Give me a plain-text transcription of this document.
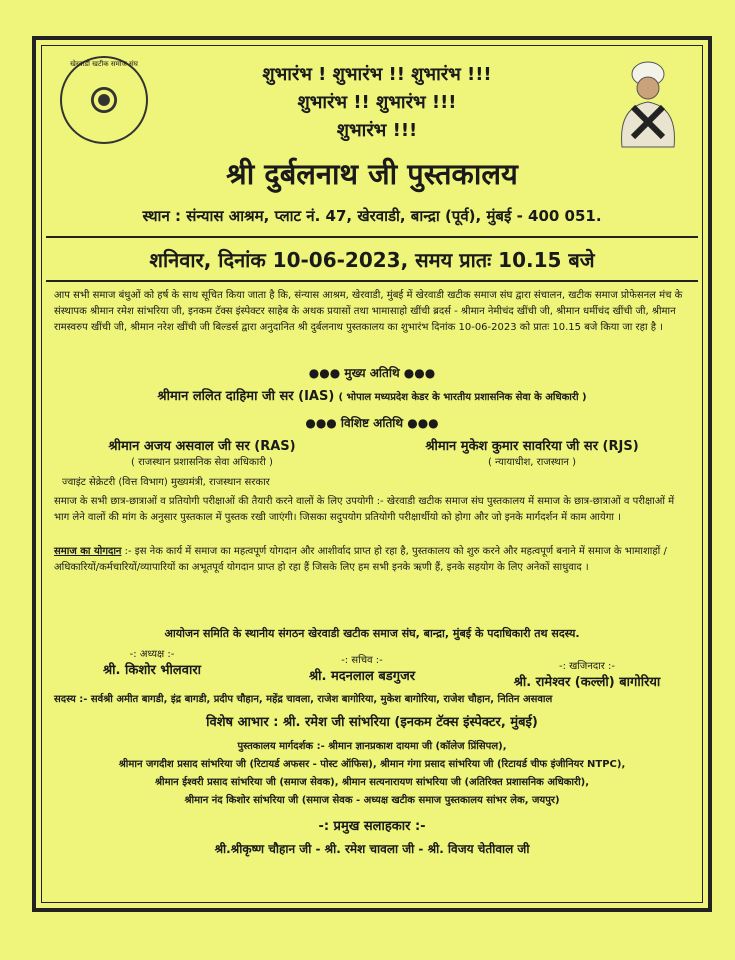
खेरवाडी खटीक समाज संघ	शुभारंभ ! शुभारंभ !! शुभारंभ !!!
शुभारंभ !! शुभारंभ !!!
शुभारंभ !!!
श्री दुर्बलनाथ जी पुस्तकालय
स्थान : संन्यास आश्रम, प्लाट नं. 47, खेरवाडी, बान्द्रा (पूर्व), मुंबई - 400 051.
शनिवार, दिनांक 10-06-2023, समय प्रातः 10.15 बजे
आप सभी समाज बंधुओं को हर्ष के साथ सूचित किया जाता है कि, संन्यास आश्रम, खेरवाडी, मुंबई में खेरवाडी खटीक समाज संघ द्वारा संचालन, खटीक समाज प्रोफेसनल मंच के संस्थापक श्रीमान रमेश सांभरिया जी, इनकम टॅक्स इंस्पेक्टर साहेब के अथक प्रयासों तथा भामासाहो खींची ब्रदर्स - श्रीमान नेमीचंद खींची जी, श्रीमान धर्मीचंद खींची जी, श्रीमान रामस्वरुप खींची जी, श्रीमान नरेश खींची जी बिल्डर्स द्वारा अनुदानित श्री दुर्बलनाथ पुस्तकालय का शुभारंभ दिनांक 10-06-2023 को प्रातः 10.15 बजे किया जा रहा है ।
●●● मुख्य अतिथि ●●●
श्रीमान ललित दाहिमा जी सर (IAS) ( भोपाल मध्यप्रदेश केडर के भारतीय प्रशासनिक सेवा के अधिकारी )
●●● विशिष्ट अतिथि ●●●
श्रीमान अजय असवाल जी सर (RAS)
( राजस्थान प्रशासनिक सेवा अधिकारी )
ज्वाइंट सेक्रेटरी (वित्त विभाग) मुख्यमंत्री, राजस्थान सरकार
श्रीमान मुकेश कुमार सावरिया जी सर (RJS)
( न्यायाधीश, राजस्थान )
समाज के सभी छात्र-छात्राओं व प्रतियोगी परीक्षाओं की तैयारी करने वालों के लिए उपयोगी :- खेरवाडी खटीक समाज संघ पुस्तकालय में समाज के छात्र-छात्राओं व परीक्षाओं में भाग लेने वालों की मांग के अनुसार पुस्तकाल में पुस्तक रखी जाएंगी। जिसका सदुपयोग प्रतियोगी परीक्षार्थीयो को होगा और जो इनके मार्गदर्शन में काम आयेगा ।
समाज का योगदान :- इस नेक कार्य में समाज का महत्वपूर्ण योगदान और आशीर्वाद प्राप्त हो रहा है, पुस्तकालय को शुरु करने और महत्वपूर्ण बनाने में समाज के भामाशाहों /अधिकारियों/कर्मचारियों/व्यापारियों का अभूतपूर्व योगदान प्राप्त हो रहा हैं जिसके लिए हम सभी इनके ऋणी हैं, इनके सहयोग के लिए अनेकों साधुवाद ।
आयोजन समिति के स्थानीय संगठन खेरवाडी खटीक समाज संघ, बान्द्रा, मुंबई के पदाधिकारी तथ सदस्य.
-: अध्यक्ष :-
श्री. किशोर भीलवारा
-: सचिव :-
श्री. मदनलाल बडगुजर
-: खजिनदार :-
श्री. रामेश्वर (कल्ली) बागोरिया
सदस्य :- सर्वश्री अमीत बागडी, इंद्र बागडी, प्रदीप चौहान, महेंद्र चावला, राजेश बागोरिया, मुकेश बागोरिया, राजेश चौहान, नितिन असवाल
विशेष आभार : श्री. रमेश जी सांभरिया (इनकम टॅक्स इंस्पेक्टर, मुंबई)
पुस्तकालय मार्गदर्शक :- श्रीमान ज्ञानप्रकाश दायमा जी (कॉलेज प्रिंसिपल),
श्रीमान जगदीश प्रसाद सांभरिया जी (रिटायर्ड अफसर - पोस्ट ऑफिस), श्रीमान गंगा प्रसाद सांभरिया जी (रिटायर्ड चीफ इंजीनियर NTPC),
श्रीमान ईश्वरी प्रसाद सांभरिया जी (समाज सेवक), श्रीमान सत्यनारायण सांभरिया जी (अतिरिक्त प्रशासनिक अधिकारी),
श्रीमान नंद किशोर सांभरिया जी (समाज सेवक - अध्यक्ष खटीक समाज पुस्तकालय सांभर लेक, जयपुर)
-: प्रमुख सलाहकार :-
श्री.श्रीकृष्ण चौहान जी - श्री. रमेश चावला जी - श्री. विजय चेतीवाल जी
